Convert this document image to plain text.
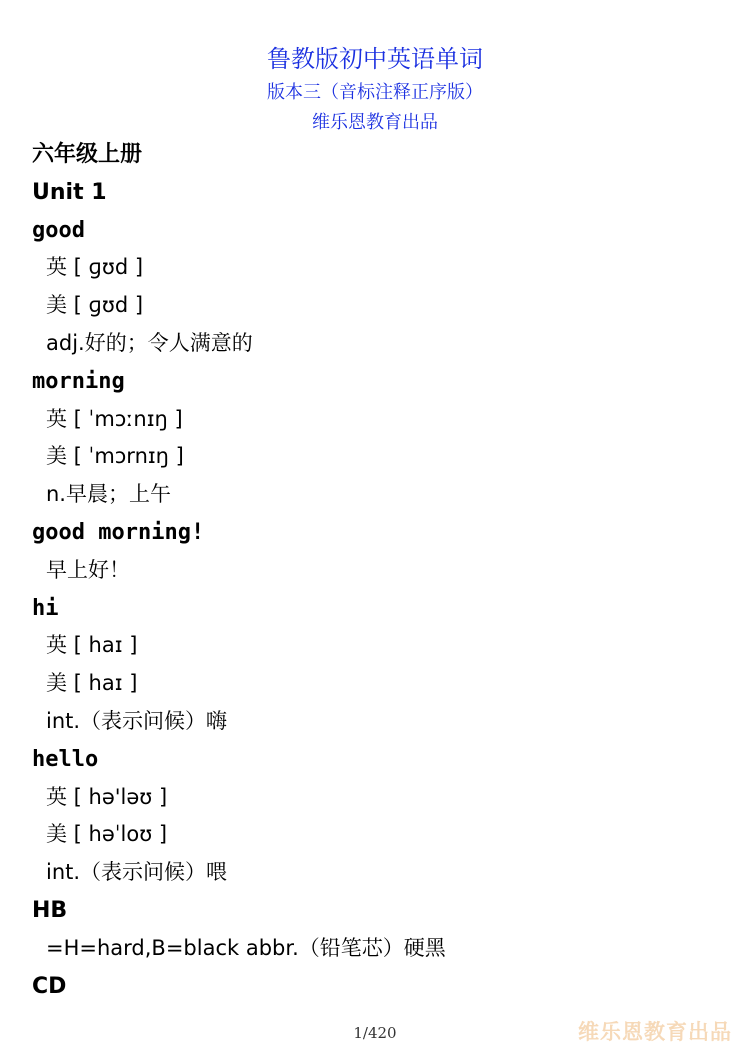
鲁教版初中英语单词
版本三（音标注释正序版）
维乐恩教育出品
六年级上册
Unit 1
good
英 [ ɡʊd ]
美 [ ɡʊd ]
adj.好的；令人满意的
morning
英 [ ˈmɔːnɪŋ ]
美 [ ˈmɔrnɪŋ ]
n.早晨；上午
good morning!
早上好！
hi
英 [ haɪ ]
美 [ haɪ ]
int.（表示问候）嗨
hello
英 [ hə'ləʊ ]
美 [ həˈloʊ ]
int.（表示问候）喂
HB
=H=hard,B=black abbr.（铅笔芯）硬黑
CD
1/420	维乐恩教育出品
